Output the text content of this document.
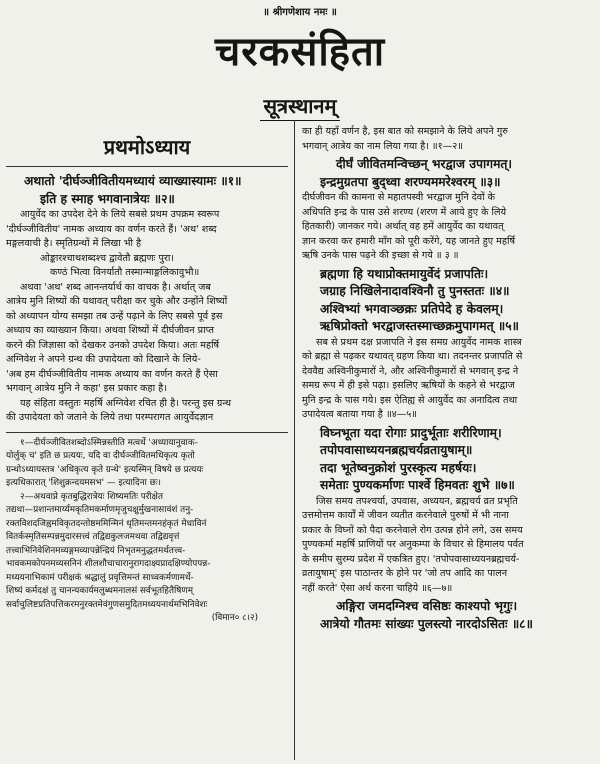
॥ श्रीगणेशाय नमः ॥
चरकसंहिता
सूत्रस्थानम्
प्रथमोऽध्याय
अथातो 'दीर्घञ्जीवितीयमध्यायं व्याख्यास्यामः ॥१॥
इति ह स्माह भगवानात्रेयः ॥२॥
आयुर्वेद का उपदेश देने के लिये सबसे प्रथम उपक्रम स्वरूप
'दीर्घञ्जीवितीय' नामक अध्याय का वर्णन करते हैं। 'अथ' शब्द
मङ्गलवाची है। स्मृतिग्रन्थों में लिखा भी है
ओङ्कारश्चाथशब्दश्च द्वावेतौ ब्रह्मणः पुरा।
कण्ठं भित्वा विनर्यातौ तस्मान्माङ्गलिकावुभौ॥
अथवा 'अथ' शब्द आनन्तर्यार्थ का वाचक है। अर्थात् जब
आत्रेय मुनि शिष्यों की यथावत् परीक्षा कर चुके और उन्होंने शिष्यों
को अध्यापन योग्य समझा तब उन्हें पढ़ाने के लिए सबसे पूर्व इस
अध्याय का व्याख्यान किया। अथवा शिष्यों में दीर्घजीवन प्राप्त
करने की जिज्ञासा को देखकर उनको उपदेश किया। अतः महर्षि
अग्निवेश ने अपने ग्रन्थ की उपादेयता को दिखाने के लिये-
'अब हम दीर्घञ्जीवितीय नामक अध्याय का वर्णन करते हैं ऐसा
भगवान् आत्रेय मुनि ने कहा' इस प्रकार कहा है।
यह संहिता वस्तुतः महर्षि अग्निवेश रचित ही है। परन्तु इस ग्रन्थ
की उपादेयता को जताने के लिये तथा परम्परागत आयुर्वेदज्ञान
१—दीर्घञ्जीवितशब्दोऽस्मिन्नस्तीति मत्वर्थे 'अध्यायानुवाक-
योर्लुक् च' इति छ प्रत्ययः, यदि वा दीर्घञ्जीवितमधिकृत्य कृतो
ग्रन्थोऽध्यायस्तत्र 'अधिकृत्य कृते ग्रन्थे' इत्यस्मिन् विषये छ प्रत्ययः
इत्यधिकारात् 'शिशुक्रन्दयमसभ' — इत्यादिना छः।
२—अथवाप्ने कृतबुद्धिरात्रेयः शिष्यमतिः परीक्षेत
तद्यथा—प्रशान्तमार्य्यमकृतिमकर्माणमृजुचक्षुर्मुखनासावंशं तनु-
रक्तविशदजिह्वमविकृतदन्तोष्ठममिन्मिनं धृतिमन्तमनहंकृतं मेधाविनं
वितर्कस्मृतिसम्पन्नमुदारसत्त्वं तद्विद्यकुलजमथवा तद्विद्यवृत्तं
तत्त्वाभिनिवेशिनमव्यङ्गमव्यापन्नेन्द्रियं निभृतमनुद्धतमर्थतत्त्व-
भावकमकोपनमव्यसनिनं शीलशौचाचारानुरागदाक्ष्यप्रादक्षिण्योपपन्न-
मध्ययनाभिकामं परीक्षकं श्रद्धालुं प्रवृत्तिमन्तं साध्वकर्मणामर्थे-
शिष्यं कर्मदक्षं तु चानन्यकार्यमलुब्धमनालसं सर्वभूतहितैषिणम्
सर्वाचुलिष्टप्रतिपत्तिकरमनुरक्तमेवंगुणसमुदितमध्ययनार्थमभिनिवेशः
(विमान० ८।२)
का ही यहाँ वर्णन है, इस बात को समझाने के लिये अपने गुरु
भगवान् आत्रेय का नाम लिया गया है। ॥१—२॥
दीर्घं जीवितमन्विच्छन् भरद्वाज उपागमत्।
इन्द्रमुग्रतपा बुद्ध्वा शरण्यममरेश्वरम् ॥३॥
दीर्घजीवन की कामना से महातपस्वी भरद्वाज मुनि देवों के
अधिपति इन्द्र के पास उसे शरण्य (शरण में आये हुए के लिये
हितकारी) जानकर गये। अर्थात् वह हमें आयुर्वेद का यथावत्
ज्ञान करवा कर हमारी माँग को पूरी करेंगे, यह जानते हुए महर्षि
ऋषि उनके पास पढ़ने की इच्छा से गये ॥ ३ ॥
ब्रह्मणा हि यथाप्रोक्तमायुर्वेदं प्रजापतिः।
जग्राह निखिलेनादावश्विनौ तु पुनस्ततः ॥४॥
अश्विभ्यां भगवाञ्छक्रः प्रतिपेदे ह केवलम्।
ऋषिप्रोक्तो भरद्वाजस्तस्माच्छक्रमुपागमत् ॥५॥
सब से प्रथम दक्ष प्रजापति ने इस समग्र आयुर्वेद नामक शास्त्र
को ब्रह्मा से पढ़कर यथावत् ग्रहण किया था। तदनन्तर प्रजापति से
देववैद्य अश्विनीकुमारों ने, और अश्विनीकुमारों से भगवान् इन्द्र ने
समग्र रूप में ही इसे पढ़ा। इसलिए ऋषियों के कहने से भरद्वाज
मुनि इन्द्र के पास गये। इस ऐतिह्य से आयुर्वेद का अनादित्व तथा
उपादेयत्व बताया गया है ॥४—५॥
विघ्नभूता यदा रोगाः प्रादुर्भूताः शरीरिणाम्।
तपोपवासाध्ययनब्रह्मचर्यव्रतायुषाम्॥
तदा भूतेष्वनुक्रोशं पुरस्कृत्य महर्षयः।
समेताः पुण्यकर्माणः पार्श्वे हिमवतः शुभे ॥७॥
जिस समय तपश्चर्या, उपवास, अध्ययन, ब्रह्मचर्य व्रत प्रभृति
उत्तमोत्तम कार्यों में जीवन व्यतीत करनेवाले पुरुषों में भी नाना
प्रकार के विघ्नों को पैदा करनेवाले रोग उत्पन्न होने लगे, उस समय
पुण्यकर्मा महर्षि प्राणियों पर अनुकम्पा के विचार से हिमालय पर्वत
के समीप सुरम्य प्रदेश में एकत्रित हुए। 'तपोपवासाध्ययनब्रह्मचर्य-
व्रतायुषाम्' इस पाठान्तर के होने पर 'जो तप आदि का पालन
नहीं करते' ऐसा अर्थ करना चाहिये ॥६—७॥
अङ्गिरा जमदग्निश्च वसिष्ठः काश्यपो भृगुः।
आत्रेयो गौतमः सांख्यः पुलस्त्यो नारदोऽसितः ॥८॥
